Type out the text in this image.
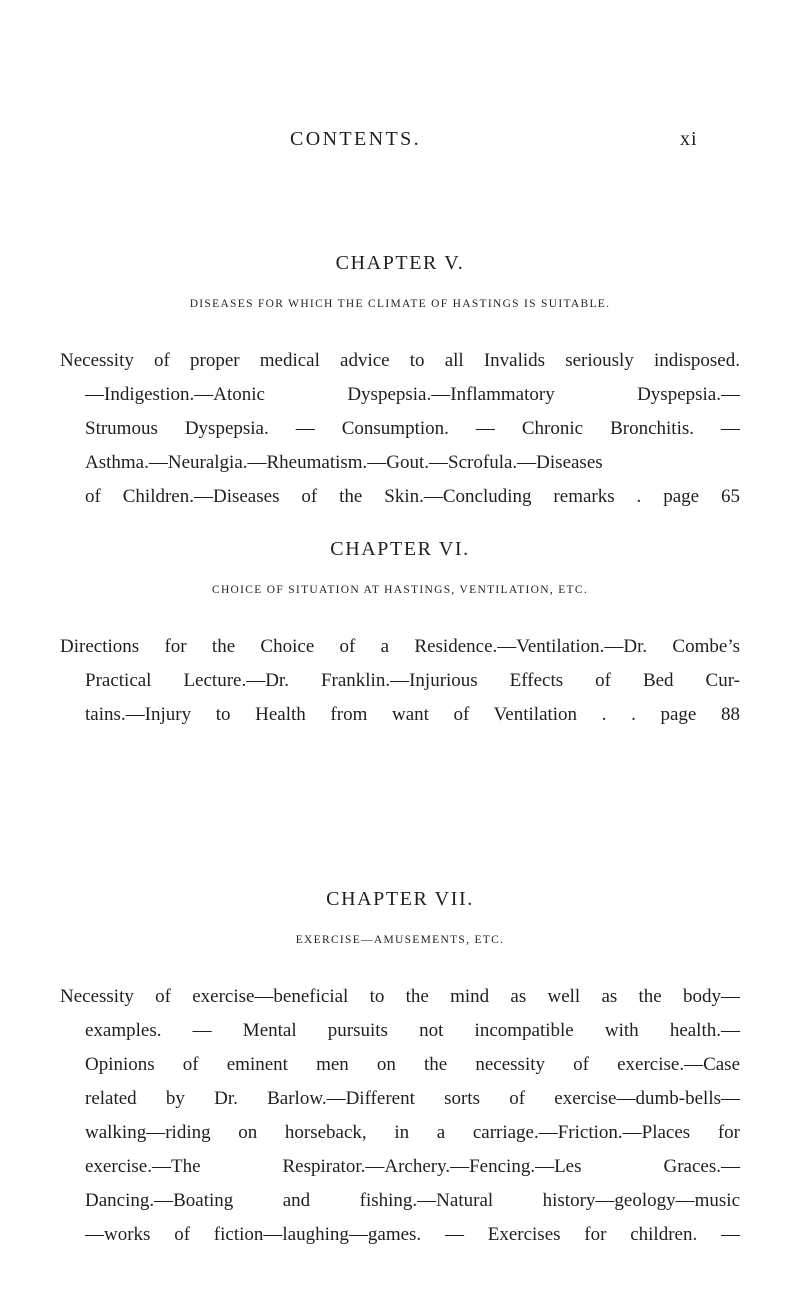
CONTENTS.	xi
CHAPTER V.
DISEASES FOR WHICH THE CLIMATE OF HASTINGS IS SUITABLE.
Necessity of proper medical advice to all Invalids seriously indisposed.
—Indigestion.—Atonic Dyspepsia.—Inflammatory Dyspepsia.—
Strumous Dyspepsia. — Consumption. — Chronic Bronchitis. —
Asthma.—Neuralgia.—Rheumatism.—Gout.—Scrofula.—Diseases
of Children.—Diseases of the Skin.—Concluding remarks . page 65
CHAPTER VI.
CHOICE OF SITUATION AT HASTINGS, VENTILATION, ETC.
Directions for the Choice of a Residence.—Ventilation.—Dr. Combe’s
Practical Lecture.—Dr. Franklin.—Injurious Effects of Bed Cur-
tains.—Injury to Health from want of Ventilation . . page 88
CHAPTER VII.
EXERCISE—AMUSEMENTS, ETC.
Necessity of exercise—beneficial to the mind as well as the body—
examples. — Mental pursuits not incompatible with health.—
Opinions of eminent men on the necessity of exercise.—Case
related by Dr. Barlow.—Different sorts of exercise—dumb-bells—
walking—riding on horseback, in a carriage.—Friction.—Places for
exercise.—The Respirator.—Archery.—Fencing.—Les Graces.—
Dancing.—Boating and fishing.—Natural history—geology—music
—works of fiction—laughing—games. — Exercises for children. —
